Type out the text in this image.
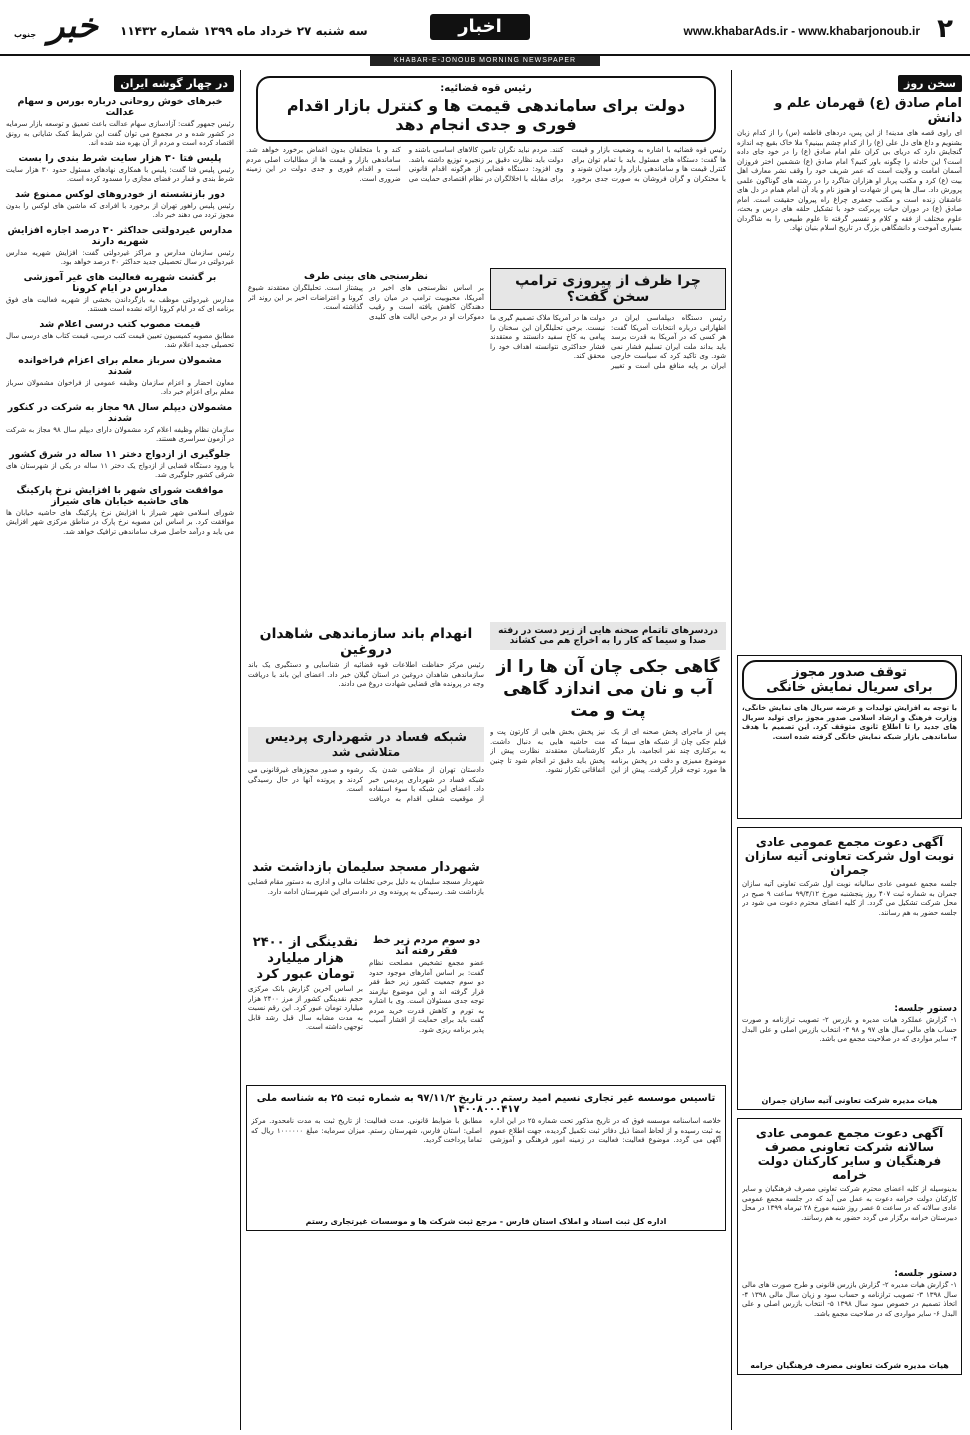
۲
www.khabarAds.ir - www.khabarjonoub.ir
اخبار
سه شنبه ۲۷ خرداد ماه ۱۳۹۹ شماره ۱۱۴۳۲
خبر جنوب
KHABAR-E-JONOUB MORNING NEWSPAPER
سخن روز
امام صادق (ع) قهرمان علم و دانش

ای راوی قصه های مدینه! از این پس، دردهای فاطمه (س) را از کدام زبان بشنویم و داغ های دل علی (ع) را از کدام چشم ببینیم؟ ملا خاک بقیع چه اندازه گنجایش دارد که دریای بی کران علم امام صادق (ع) را در خود جای داده است؟ این حادثه را چگونه باور کنیم؟ امام صادق (ع) ششمین اختر فروزان آسمان امامت و ولایت است که عمر شریف خود را وقف نشر معارف اهل بیت (ع) کرد و مکتب پربار او هزاران شاگرد را در رشته های گوناگون علمی پرورش داد. سال ها پس از شهادت او هنوز نام و یاد آن امام همام در دل های عاشقان زنده است و مکتب جعفری چراغ راه پیروان حقیقت است. امام صادق (ع) در دوران حیات پربرکت خود با تشکیل حلقه های درس و بحث، علوم مختلف از فقه و کلام و تفسیر گرفته تا علوم طبیعی را به شاگردان بسیاری آموخت و دانشگاهی بزرگ در تاریخ اسلام بنیان نهاد.

توقف صدور مجوز
برای سریال نمایش خانگی

با توجه به افزایش تولیدات و عرضه سریال های نمایش خانگی، وزارت فرهنگ و ارشاد اسلامی صدور مجوز برای تولید سریال های جدید را تا اطلاع ثانوی متوقف کرد. این تصمیم با هدف ساماندهی بازار شبکه نمایش خانگی گرفته شده است.

آگهی دعوت مجمع عمومی عادی نوبت اول شرکت تعاونی آتیه سازان جمران

جلسه مجمع عمومی عادی سالیانه نوبت اول شرکت تعاونی آتیه سازان جمران به شماره ثبت ۴۰۷ روز پنجشنبه مورخ ۹۹/۴/۱۲ ساعت ۹ صبح در محل شرکت تشکیل می گردد. از کلیه اعضای محترم دعوت می شود در جلسه حضور به هم رسانند.

دستور جلسه:

۱- گزارش عملکرد هیات مدیره و بازرس ۲- تصویب ترازنامه و صورت حساب های مالی سال های ۹۷ و ۹۸ ۳- انتخاب بازرس اصلی و علی البدل ۴- سایر مواردی که در صلاحیت مجمع می باشد.

هیات مدیره شرکت تعاونی آتیه سازان جمران
آگهی دعوت مجمع عمومی عادی سالانه شرکت تعاونی مصرف فرهنگیان و سایر کارکنان دولت خرامه

بدینوسیله از کلیه اعضای محترم شرکت تعاونی مصرف فرهنگیان و سایر کارکنان دولت خرامه دعوت به عمل می آید که در جلسه مجمع عمومی عادی سالانه که در ساعت ۵ عصر روز شنبه مورخ ۲۸ تیرماه ۱۳۹۹ در محل دبیرستان خرامه برگزار می گردد حضور به هم رسانند.

دستور جلسه:

۱- گزارش هیات مدیره ۲- گزارش بازرس قانونی و طرح صورت های مالی سال ۱۳۹۸ ۳- تصویب ترازنامه و حساب سود و زیان سال مالی ۱۳۹۸ ۴- اتخاذ تصمیم در خصوص سود سال ۱۳۹۸ ۵- انتخاب بازرس اصلی و علی البدل ۶- سایر مواردی که در صلاحیت مجمع باشد.

هیات مدیره شرکت تعاونی مصرف فرهنگیان خرامه
رئیس قوه قضائیه:
دولت برای ساماندهی قیمت ها و کنترل بازار اقدام فوری و جدی انجام دهد

رئیس قوه قضائیه با اشاره به وضعیت بازار و قیمت ها گفت: دستگاه های مسئول باید با تمام توان برای کنترل قیمت ها و ساماندهی بازار وارد میدان شوند و با محتکران و گران فروشان به صورت جدی برخورد کنند. مردم نباید نگران تامین کالاهای اساسی باشند و دولت باید نظارت دقیق بر زنجیره توزیع داشته باشد. وی افزود: دستگاه قضایی از هرگونه اقدام قانونی برای مقابله با اخلالگران در نظام اقتصادی حمایت می کند و با متخلفان بدون اغماض برخورد خواهد شد. ساماندهی بازار و قیمت ها از مطالبات اصلی مردم است و اقدام فوری و جدی دولت در این زمینه ضروری است.

چرا ظرف از پیروزی ترامپ سخن گفت؟

رئیس دستگاه دیپلماسی ایران در اظهاراتی درباره انتخابات آمریکا گفت: هر کسی که در آمریکا به قدرت برسد باید بداند ملت ایران تسلیم فشار نمی شود. وی تاکید کرد که سیاست خارجی ایران بر پایه منافع ملی است و تغییر دولت ها در آمریکا ملاک تصمیم گیری ما نیست. برخی تحلیلگران این سخنان را پیامی به کاخ سفید دانستند و معتقدند فشار حداکثری نتوانسته اهداف خود را محقق کند.

نظرسنجی های بینی طرف

بر اساس نظرسنجی های اخیر در آمریکا، محبوبیت ترامپ در میان رای دهندگان کاهش یافته است و رقیب دموکرات او در برخی ایالت های کلیدی پیشتاز است. تحلیلگران معتقدند شیوع کرونا و اعتراضات اخیر بر این روند اثر گذاشته است.

دردسرهای تاتمام صحنه هایی از زیر دست در رفته صدا و سیما که کار را به اخراج هم می کشاند
گاهی جکی چان آن ها را از آب و نان می اندازد گاهی پت و مت

پس از ماجرای پخش صحنه ای از یک فیلم جکی چان از شبکه های سیما که به برکناری چند نفر انجامید، بار دیگر موضوع ممیزی و دقت در پخش برنامه ها مورد توجه قرار گرفت. پیش از این نیز پخش بخش هایی از کارتون پت و مت حاشیه هایی به دنبال داشت. کارشناسان معتقدند نظارت پیش از پخش باید دقیق تر انجام شود تا چنین اتفاقاتی تکرار نشود.

انهدام باند سازماندهی شاهدان دروغین

رئیس مرکز حفاظت اطلاعات قوه قضائیه از شناسایی و دستگیری یک باند سازماندهی شاهدان دروغین در استان گیلان خبر داد. اعضای این باند با دریافت وجه در پرونده های قضایی شهادت دروغ می دادند.

شبکه فساد در شهرداری پردیس
متلاشی شد

دادستان تهران از متلاشی شدن یک شبکه فساد در شهرداری پردیس خبر داد. اعضای این شبکه با سوء استفاده از موقعیت شغلی اقدام به دریافت رشوه و صدور مجوزهای غیرقانونی می کردند و پرونده آنها در حال رسیدگی است.

شهردار مسجد سلیمان بازداشت شد

شهردار مسجد سلیمان به دلیل برخی تخلفات مالی و اداری به دستور مقام قضایی بازداشت شد. رسیدگی به پرونده وی در دادسرای این شهرستان ادامه دارد.

دو سوم مردم زیر خط فقر رفته اند

عضو مجمع تشخیص مصلحت نظام گفت: بر اساس آمارهای موجود حدود دو سوم جمعیت کشور زیر خط فقر قرار گرفته اند و این موضوع نیازمند توجه جدی مسئولان است. وی با اشاره به تورم و کاهش قدرت خرید مردم گفت باید برای حمایت از اقشار آسیب پذیر برنامه ریزی شود.

نقدینگی از ۲۴۰۰ هزار میلیارد تومان عبور کرد

بر اساس آخرین گزارش بانک مرکزی حجم نقدینگی کشور از مرز ۲۴۰۰ هزار میلیارد تومان عبور کرد. این رقم نسبت به مدت مشابه سال قبل رشد قابل توجهی داشته است.

تاسیس موسسه غیر تجاری نسیم امید رستم در تاریخ ۹۷/۱۱/۲ به شماره ثبت ۲۵ به شناسه ملی ۱۴۰۰۸۰۰۰۴۱۷

خلاصه اساسنامه موسسه فوق که در تاریخ مذکور تحت شماره ۲۵ در این اداره به ثبت رسیده و از لحاظ امضا ذیل دفاتر ثبت تکمیل گردیده، جهت اطلاع عموم آگهی می گردد. موضوع فعالیت: فعالیت در زمینه امور فرهنگی و آموزشی مطابق با ضوابط قانونی. مدت فعالیت: از تاریخ ثبت به مدت نامحدود. مرکز اصلی: استان فارس، شهرستان رستم. میزان سرمایه: مبلغ ۱۰۰۰۰۰۰ ریال که تماما پرداخت گردید.

اداره کل ثبت اسناد و املاک استان فارس - مرجع ثبت شرکت ها و موسسات غیرتجاری رستم
در چهار گوشه ایران
خبرهای خوش روحانی درباره بورس و سهام عدالت

رئیس جمهور گفت: آزادسازی سهام عدالت باعث تعمیق و توسعه بازار سرمایه در کشور شده و در مجموع می توان گفت این شرایط کمک شایانی به رونق اقتصاد کرده است و مردم از آن بهره مند شده اند.

پلیس فتا ۳۰ هزار سایت شرط بندی را بست

رئیس پلیس فتا گفت: پلیس با همکاری نهادهای مسئول حدود ۳۰ هزار سایت شرط بندی و قمار در فضای مجازی را مسدود کرده است.

دور بازنشسته از خودروهای لوکس ممنوع شد

رئیس پلیس راهور تهران از برخورد با افرادی که ماشین های لوکس را بدون مجوز تردد می دهند خبر داد.

مدارس غیردولتی حداکثر ۳۰ درصد اجازه افزایش شهریه دارند

رئیس سازمان مدارس و مراکز غیردولتی گفت: افزایش شهریه مدارس غیردولتی در سال تحصیلی جدید حداکثر ۳۰ درصد خواهد بود.

بر گشت شهریه فعالیت های غیر آموزشی مدارس در ایام کرونا

مدارس غیردولتی موظف به بازگرداندن بخشی از شهریه فعالیت های فوق برنامه ای که در ایام کرونا ارائه نشده است هستند.

قیمت مصوب کتب درسی اعلام شد

مطابق مصوبه کمیسیون تعیین قیمت کتب درسی، قیمت کتاب های درسی سال تحصیلی جدید اعلام شد.

مشمولان سرباز معلم برای اعزام فراخوانده شدند

معاون احضار و اعزام سازمان وظیفه عمومی از فراخوان مشمولان سرباز معلم برای اعزام خبر داد.

مشمولان دیپلم سال ۹۸ مجاز به شرکت در کنکور شدند

سازمان نظام وظیفه اعلام کرد مشمولان دارای دیپلم سال ۹۸ مجاز به شرکت در آزمون سراسری هستند.

جلوگیری از ازدواج دختر ۱۱ ساله در شرق کشور

با ورود دستگاه قضایی از ازدواج یک دختر ۱۱ ساله در یکی از شهرستان های شرقی کشور جلوگیری شد.

موافقت شورای شهر با افزایش نرخ پارکینگ های حاشیه خیابان های شیراز

شورای اسلامی شهر شیراز با افزایش نرخ پارکینگ های حاشیه خیابان ها موافقت کرد. بر اساس این مصوبه نرخ پارک در مناطق مرکزی شهر افزایش می یابد و درآمد حاصل صرف ساماندهی ترافیک خواهد شد.
